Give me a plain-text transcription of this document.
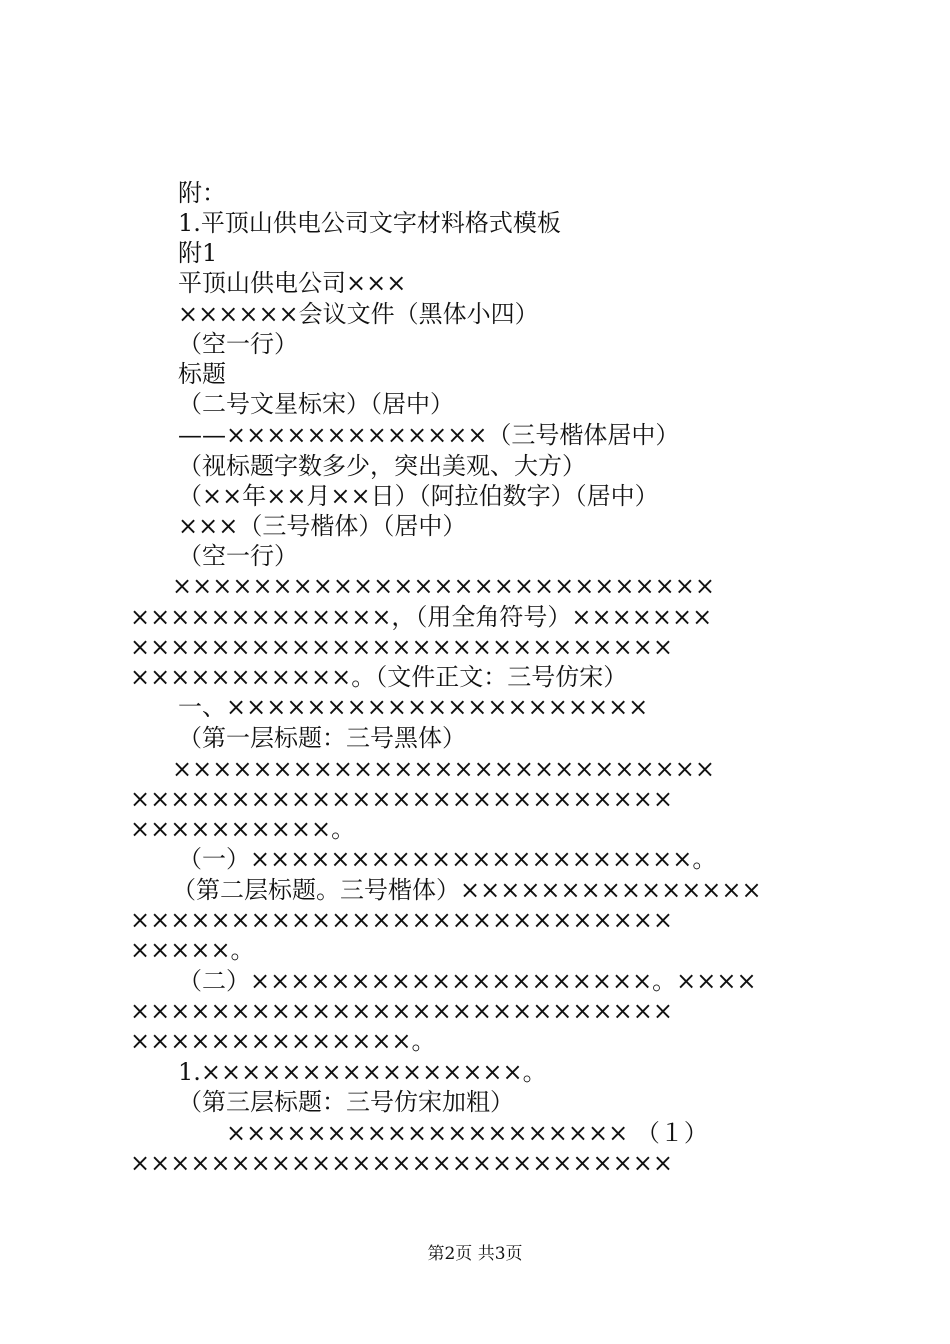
附：
1.平顶山供电公司文字材料格式模板
附1
平顶山供电公司×××
××××××会议文件（黑体小四）
（空一行）
标题
（二号文星标宋）（居中）
——×××××××××××××（三号楷体居中）
（视标题字数多少，突出美观、大方）
（××年××月××日）（阿拉伯数字）（居中）
×××（三号楷体）（居中）
（空一行）
×××××××××××××××××××××××××××
×××××××××××××，（用全角符号）×××××××
×××××××××××××××××××××××××××
×××××××××××。（文件正文：三号仿宋）
一、×××××××××××××××××××××
（第一层标题：三号黑体）
×××××××××××××××××××××××××××
×××××××××××××××××××××××××××
××××××××××。
（一）××××××××××××××××××××××。
（第二层标题。三号楷体）×××××××××××××××
×××××××××××××××××××××××××××
×××××。
（二）××××××××××××××××××××。××××
×××××××××××××××××××××××××××
××××××××××××××。
1.××××××××××××××××。
（第三层标题：三号仿宋加粗）
×××××××××××××××××××× （１）
×××××××××××××××××××××××××××
第2页 共3页
